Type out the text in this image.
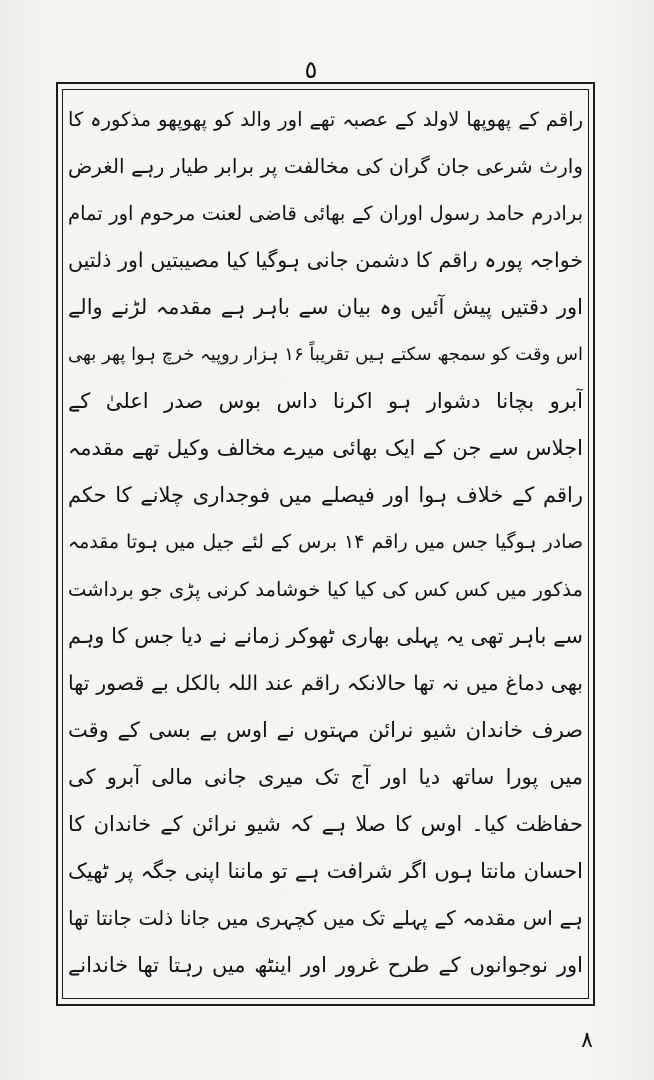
٥
راقم کے پھوپھا لاولد کے عصبہ تھے اور والد کو پھوپھو مذکورہ کا
وارث شرعی جان گران کی مخالفت پر برابر طیار رہے الغرض
برادرم حامد رسول اوران کے بھائی قاضی لعنت مرحوم اور تمام
خواجہ پورہ راقم کا دشمن جانی ہوگیا کیا مصیبتیں اور ذلتیں
اور دقتیں پیش آئیں وہ بیان سے باہر ہے مقدمہ لڑنے والے
اس وقت کو سمجھ سکتے ہیں تقریباً ۱۶ ہزار روپیہ خرچ ہوا پھر بھی
آبرو بچانا دشوار ہو اکرنا داس بوس صدر اعلیٰ کے
اجلاس سے جن کے ایک بھائی میرے مخالف وکیل تھے مقدمہ
راقم کے خلاف ہوا اور فیصلے میں فوجداری چلانے کا حکم
صادر ہوگیا جس میں راقم ۱۴ برس کے لئے جیل میں ہوتا مقدمہ
مذکور میں کس کس کی کیا کیا خوشامد کرنی پڑی جو برداشت
سے باہر تھی یہ پہلی بھاری ٹھوکر زمانے نے دیا جس کا وہم
بھی دماغ میں نہ تھا حالانکہ راقم عند اللہ بالکل بے قصور تھا
صرف خاندان شیو نرائن مہتوں نے اوس بے بسی کے وقت
میں پورا ساتھ دیا اور آج تک میری جانی مالی آبرو کی
حفاظت کیا۔ اوس کا صلا ہے کہ شیو نرائن کے خاندان کا
احسان مانتا ہوں اگر شرافت ہے تو ماننا اپنی جگہ پر ٹھیک
ہے اس مقدمہ کے پہلے تک میں کچہری میں جانا ذلت جانتا تھا
اور نوجوانوں کے طرح غرور اور اینٹھ میں رہتا تھا خاندانے
٨
